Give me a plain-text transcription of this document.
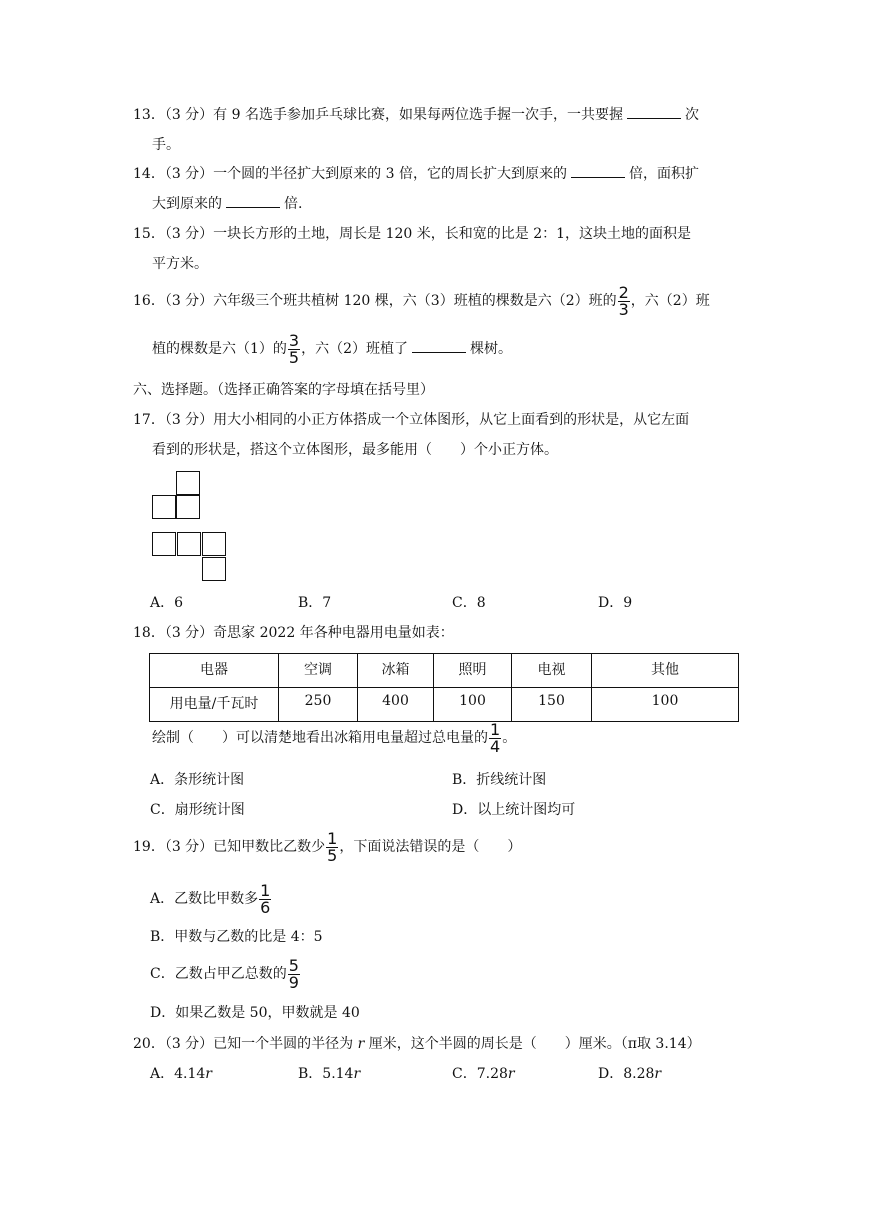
13．（3 分）有 9 名选手参加乒乓球比赛，如果每两位选手握一次手，一共要握	次
手。
14．（3 分）一个圆的半径扩大到原来的 3 倍，它的周长扩大到原来的	倍，面积扩
大到原来的	倍.
15．（3 分）一块长方形的土地，周长是 120 米，长和宽的比是 2：1，这块土地的面积是
平方米。
16．（3 分）六年级三个班共植树 120 棵，六（3）班植的棵数是六（2）班的 $\frac{2}{3}$ ，六（2）班
植的棵数是六（1）的 $\frac{3}{5}$ ，六（2）班植了	棵树。
六、选择题。（选择正确答案的字母填在括号里）
17．（3 分）用大小相同的小正方体搭成一个立体图形，从它上面看到的形状是，从它左面
看到的形状是，搭这个立体图形，最多能用（ ）个小正方体。
A．6	B．7	C．8	D．9
18．（3 分）奇思家 2022 年各种电器用电量如表：
电器	空调	冰箱	照明	电视	其他
用电量/千瓦时	250	400	100	150	100
绘制（ ）可以清楚地看出冰箱用电量超过总电量的 $\frac{1}{4}$ 。
A．条形统计图	B．折线统计图
C．扇形统计图	D．以上统计图均可
19．（3 分）已知甲数比乙数少 $\frac{1}{5}$ ，下面说法错误的是（ ）
A．乙数比甲数多 $\frac{1}{6}$
B．甲数与乙数的比是 4：5
C．乙数占甲乙总数的 $\frac{5}{9}$
D．如果乙数是 50，甲数就是 40
20．（3 分）已知一个半圆的半径为 r 厘米，这个半圆的周长是（ ）厘米。（π取 3.14）
A．4.14r	B．5.14r	C．7.28r	D．8.28r
